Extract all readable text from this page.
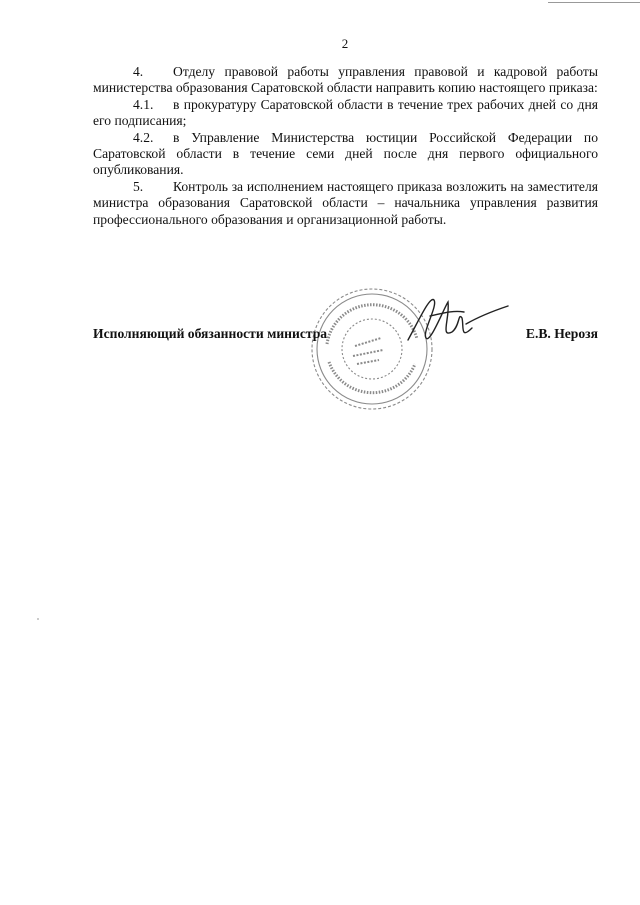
2

4. Отделу правовой работы управления правовой и кадровой работы министерства образования Саратовской области направить копию настоящего приказа:

4.1. в прокуратуру Саратовской области в течение трех рабочих дней со дня его подписания;

4.2. в Управление Министерства юстиции Российской Федерации по Саратовской области в течение семи дней после дня первого официального опубликования.

5. Контроль за исполнением настоящего приказа возложить на заместителя министра образования Саратовской области – начальника управления развития профессионального образования и организационной работы.

Исполняющий обязанности министра	Е.В. Нерозя
